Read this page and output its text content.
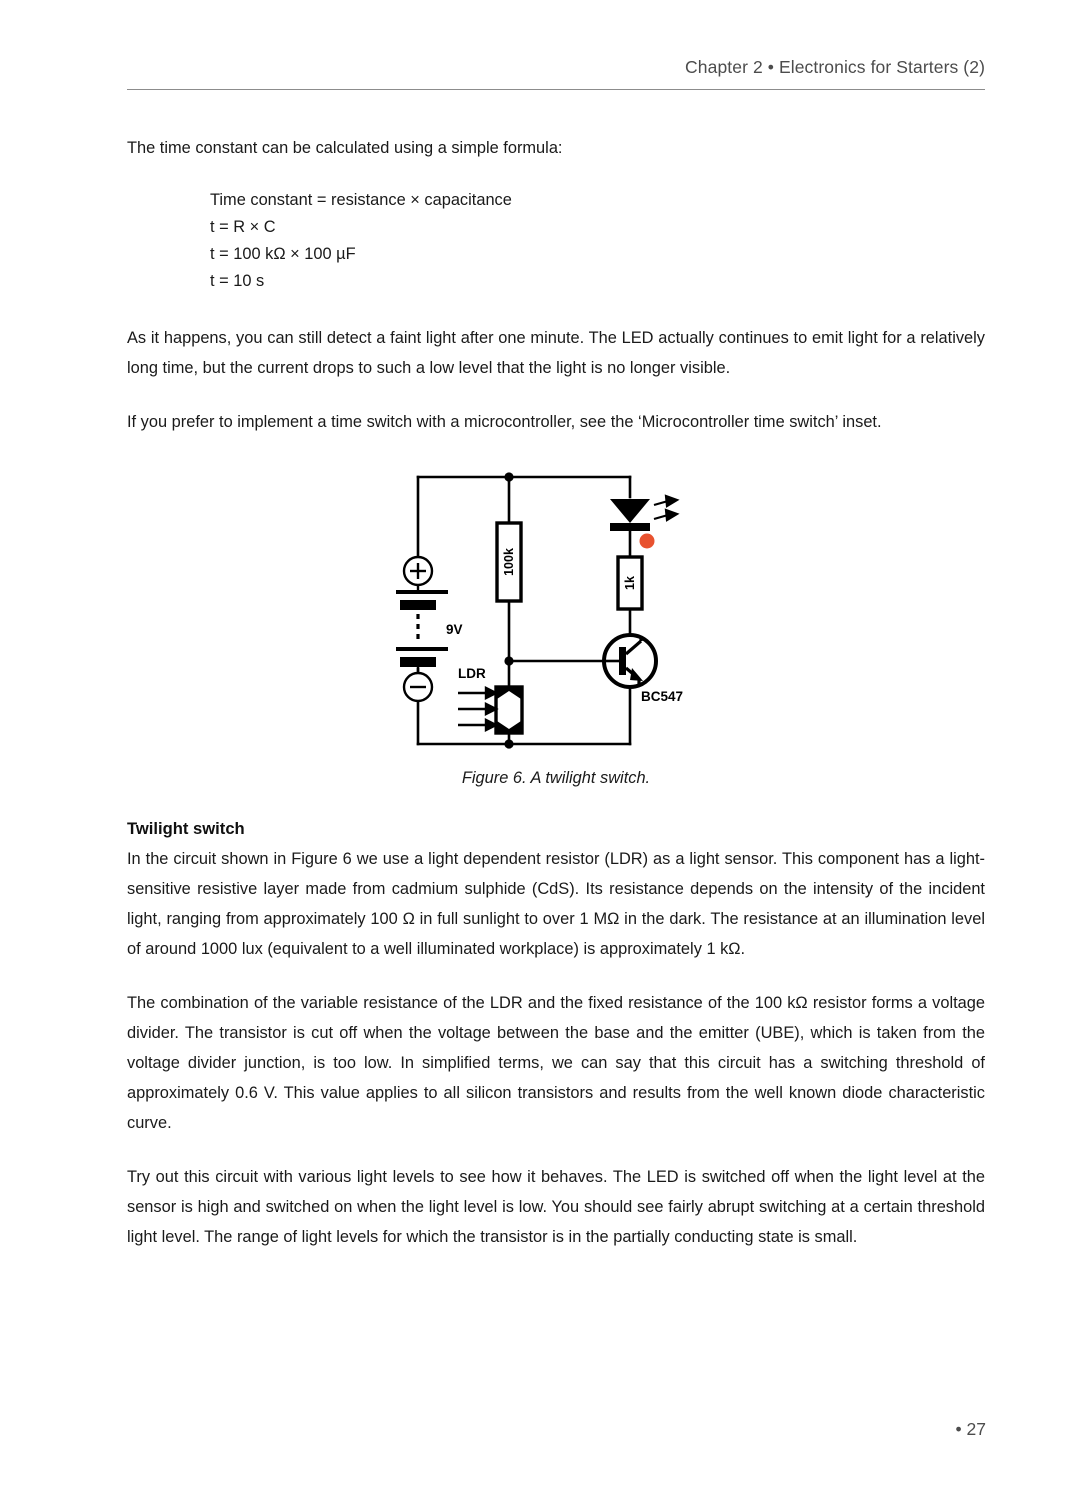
Chapter 2 • Electronics for Starters (2)

The time constant can be calculated using a simple formula:

Time constant = resistance × capacitance
t = R × C
t = 100 kΩ × 100 µF
t = 10 s

As it happens, you can still detect a faint light after one minute. The LED actually continues to emit light for a relatively long time, but the current drops to such a low level that the light is no longer visible.

If you prefer to implement a time switch with a microcontroller, see the ‘Microcontroller time switch’ inset.

9V
100k
LDR
1k
BC547
Figure 6. A twilight switch.
Twilight switch

In the circuit shown in Figure 6 we use a light dependent resistor (LDR) as a light sensor. This component has a light-sensitive resistive layer made from cadmium sulphide (CdS). Its resistance depends on the intensity of the incident light, ranging from approximately 100 Ω in full sunlight to over 1 MΩ in the dark. The resistance at an illumination level of around 1000 lux (equivalent to a well illuminated workplace) is approximately 1 kΩ.

The combination of the variable resistance of the LDR and the fixed resistance of the 100 kΩ resistor forms a voltage divider. The transistor is cut off when the voltage between the base and the emitter (UBE), which is taken from the voltage divider junction, is too low. In simplified terms, we can say that this circuit has a switching threshold of approximately 0.6 V. This value applies to all silicon transistors and results from the well known diode characteristic curve.

Try out this circuit with various light levels to see how it behaves. The LED is switched off when the light level at the sensor is high and switched on when the light level is low. You should see fairly abrupt switching at a certain threshold light level. The range of light levels for which the transistor is in the partially conducting state is small.

• 27
